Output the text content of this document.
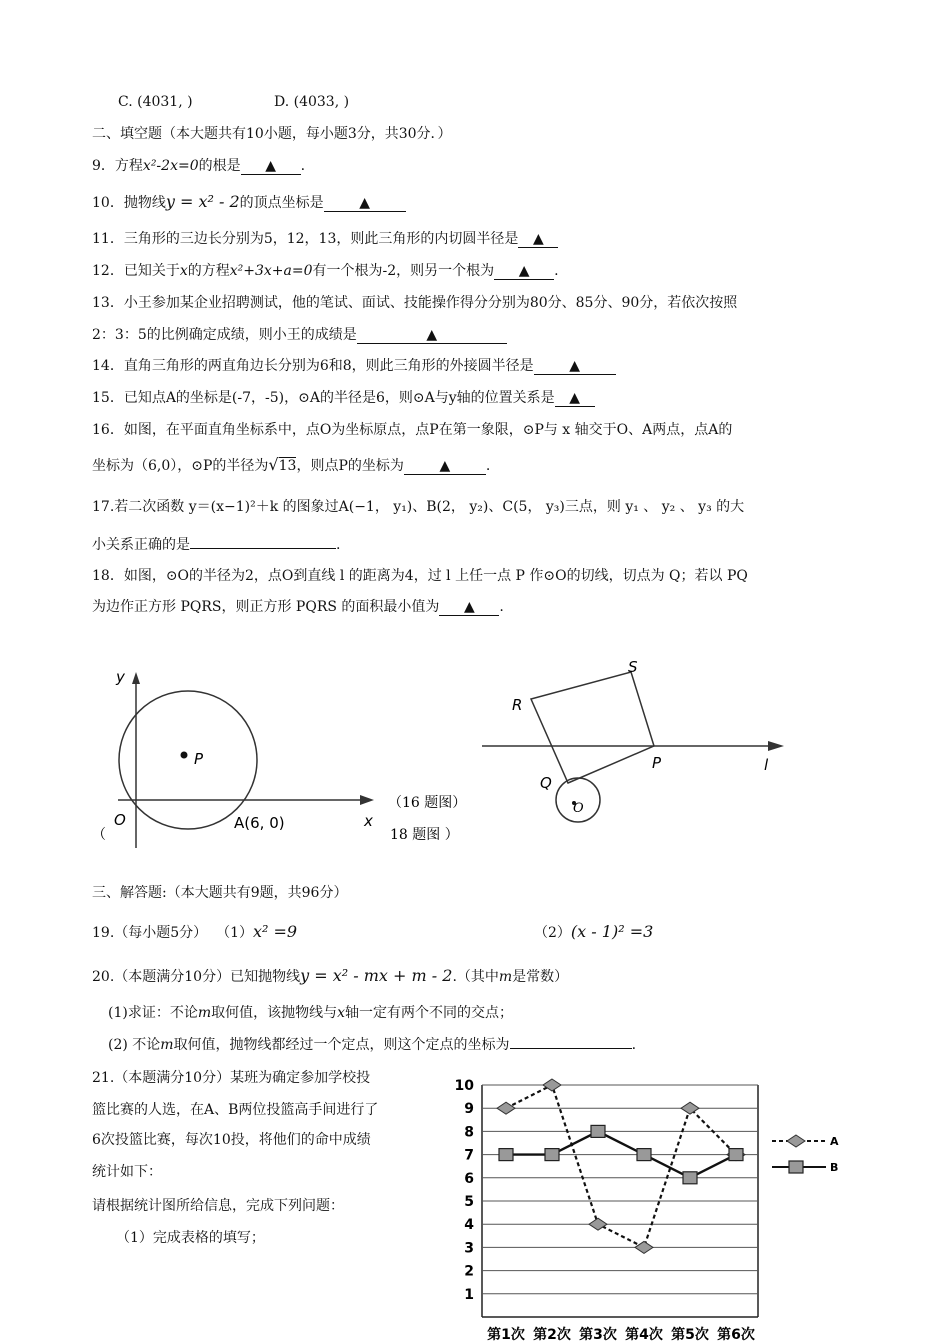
C. (4031, )	D. (4033, )
二、填空题（本大题共有10小题，每小题3分，共30分．）
9．方程x²-2x=0的根是 ▲ .
10．抛物线y = x² - 2的顶点坐标是	▲
11．三角形的三边长分别为5，12，13，则此三角形的内切圆半径是 ▲
12．已知关于x的方程x²+3x+a=0有一个根为-2，则另一个根为 ▲ .
13．小王参加某企业招聘测试，他的笔试、面试、技能操作得分分别为80分、85分、90分，若依次按照
2：3：5的比例确定成绩，则小王的成绩是	▲
14．直角三角形的两直角边长分别为6和8，则此三角形的外接圆半径是	▲
15．已知点A的坐标是(-7，-5)，⊙A的半径是6，则⊙A与y轴的位置关系是 ▲
16．如图，在平面直角坐标系中，点O为坐标原点，点P在第一象限，⊙P与 x 轴交于O、A两点，点A的
坐标为（6,0），⊙P的半径为√13，则点P的坐标为	▲	.
17.若二次函数 y＝(x−1)²＋k 的图象过A(−1， y₁)、B(2， y₂)、C(5， y₃)三点，则 y₁ 、 y₂ 、 y₃ 的大
小关系正确的是	.
18．如图，⊙O的半径为2，点O到直线 l 的距离为4，过 l 上任一点 P 作⊙O的切线，切点为 Q；若以 PQ
为边作正方形 PQRS，则正方形 PQRS 的面积最小值为 ▲ .
y
P
O	A(6, 0)	x
（16 题图）
（	18 题图 ）
S
R
P
Q
O
l
三、解答题:（本大题共有9题，共96分）
19.（每小题5分） （1）x² =9	（2）(x - 1)² =3
20.（本题满分10分）已知抛物线y = x² - mx + m - 2.（其中m是常数）
(1)求证：不论m取何值，该抛物线与x轴一定有两个不同的交点；
(2) 不论m取何值，抛物线都经过一个定点，则这个定点的坐标为	.
21.（本题满分10分）某班为确定参加学校投
篮比赛的人选，在A、B两位投篮高手间进行了
6次投篮比赛，每次10投，将他们的命中成绩
统计如下：
请根据统计图所给信息，完成下列问题：
（1）完成表格的填写；
1
2
3
4
5
6
7
8
9
10
第1次 第2次 第3次 第4次 第5次 第6次
A
B
